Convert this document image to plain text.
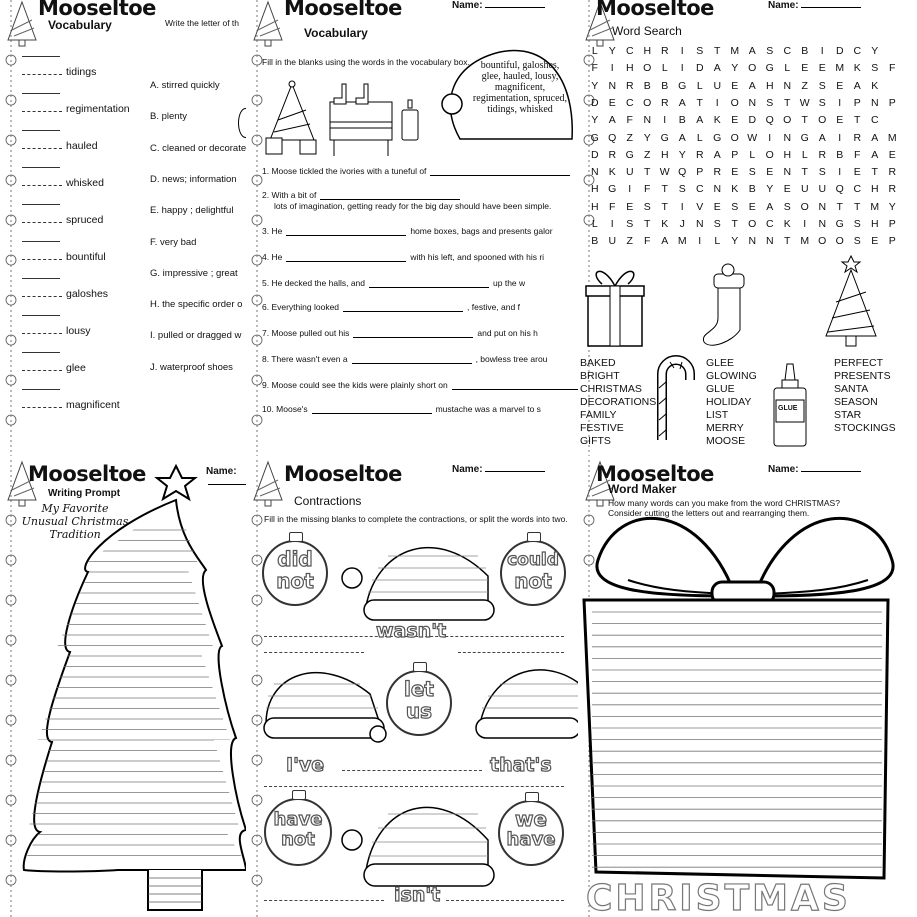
Mooseltoe
Vocabulary	Write the letter of th
tidings
regimentation
hauled
whisked
spruced
bountiful
galoshes
lousy
glee
magnificent
A. stirred quickly
B. plenty
C. cleaned or decorate
D. news; information
E. happy ; delightful
F. very bad
G. impressive ; great
H. the specific order o
I. pulled or dragged w
J. waterproof shoes
Mooseltoe	Name:
Vocabulary
Fill in the blanks using the words in the vocabulary box.	bountiful, galoshes, glee, hauled, lousy, magnificent, regimentation, spruced, tidings, whisked
1. Moose tickled the ivories with a tuneful of
2. With a bit of
lots of imagination, getting ready for the big day should have been simple.
3. He	home boxes, bags and presents galor
4. He	with his left, and spooned with his ri
5. He decked the halls, and	up the w
6. Everything looked	, festive, and f
7. Moose pulled out his	and put on his h
8. There wasn't even a	, bowless tree arou
9. Moose could see the kids were plainly short on
10. Moose's	mustache was a marvel to s
Mooseltoe	Name:
Word Search
L Y C H R I S T M A S C B I D C Y
F I H O L I D A Y O G L E E M K S F
Y N R B B G L U E A H N Z S E A K
D E C O R A T I O N S T W S I P N P
Y A F N I B A K E D Q O T O E T C
G Q Z Y G A L G O W I N G A I R A M
D R G Z H Y R A P L O H L R B F A E
N K U T W Q P R E S E N T S I E T R
H G I F T S C N K B Y E U U Q C H R
H F E S T I V E S E A S O N T T M Y
L I S T K J N S T O C K I N G S H P
B U Z F A M I L Y N N T M O O S E P
GLUE
BAKED
BRIGHT
CHRISTMAS
DECORATIONS
FAMILY
FESTIVE
GIFTS
GLEE
GLOWING
GLUE
HOLIDAY
LIST
MERRY
MOOSE
PERFECT
PRESENTS
SANTA
SEASON
STAR
STOCKINGS
Mooseltoe	Name:
Writing Prompt
My Favorite
Unusual Christmas
Tradition
Mooseltoe	Name:
Contractions
Fill in the missing blanks to complete the contractions, or split the words into two.
did
not
could
not
let
us
have
not
we
have
wasn't
I've	that's
isn't
Mooseltoe	Name:
Word Maker
How many words can you make from the word CHRISTMAS?
Consider cutting the letters out and rearranging them.
CHRISTMAS
